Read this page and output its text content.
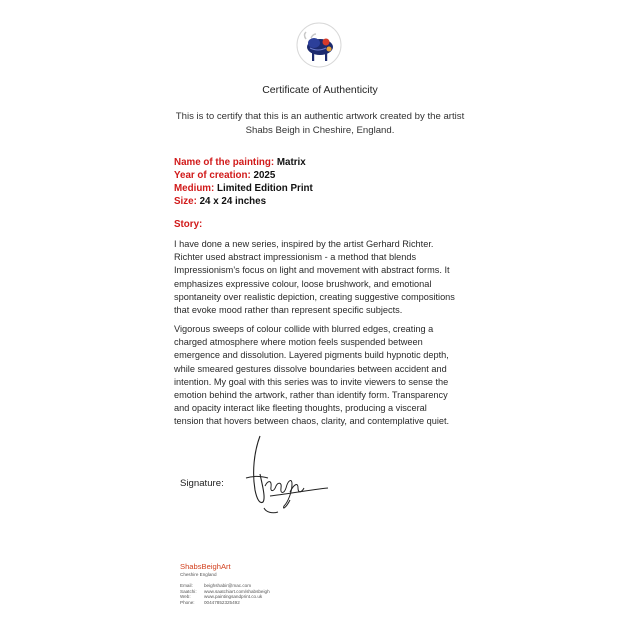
Certificate of Authenticity
This is to certify that this is an authentic artwork created by the artist
Shabs Beigh in Cheshire, England.
Name of the painting: Matrix
Year of creation: 2025
Medium: Limited Edition Print
Size: 24 x 24 inches
Story:
I have done a new series, inspired by the artist Gerhard Richter.
Richter used abstract impressionism - a method that blends
Impressionism’s focus on light and movement with abstract forms. It
emphasizes expressive colour, loose brushwork, and emotional
spontaneity over realistic depiction, creating suggestive compositions
that evoke mood rather than represent specific subjects.
Vigorous sweeps of colour collide with blurred edges, creating a
charged atmosphere where motion feels suspended between
emergence and dissolution. Layered pigments build hypnotic depth,
while smeared gestures dissolve boundaries between accident and
intention. My goal with this series was to invite viewers to sense the
emotion behind the artwork, rather than identify form. Transparency
and opacity interact like fleeting thoughts, producing a visceral
tension that hovers between chaos, clarity, and contemplative quiet.
Signature:
ShabsBeighArt
Cheshire England
Email:	beighshabir@mac.com
Saatchi:	www.saatchiart.com/shabsbeigh
Web:	www.paintingsandprint.co.uk
Phone:	00447852325492
